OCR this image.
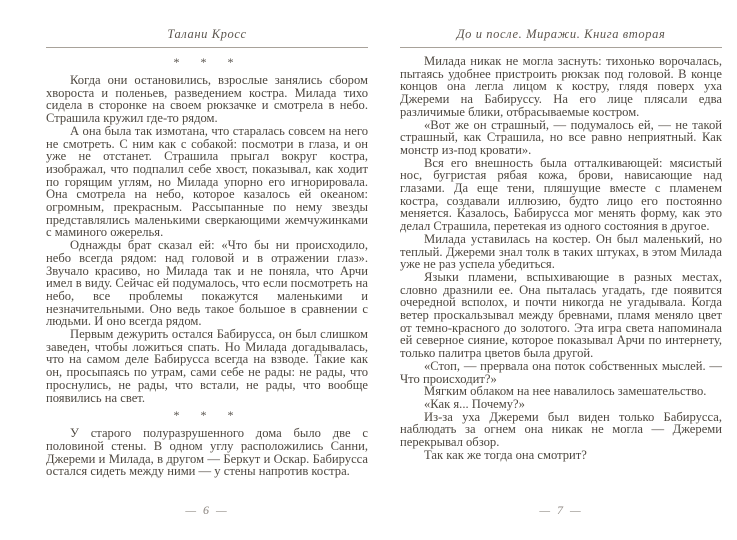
Талани Кросс
* * *
Когда они остановились, взрослые занялись сбором хвороста и поленьев, разведением костра. Милада тихо сидела в сторонке на своем рюкзачке и смотрела в небо. Страшила кружил где-то рядом.
А она была так измотана, что старалась совсем на него не смотреть. С ним как с собакой: посмотри в глаза, и он уже не отстанет. Страшила прыгал вокруг костра, изображал, что подпалил себе хвост, показывал, как ходит по горящим углям, но Милада упорно его игнорировала. Она смотрела на небо, которое казалось ей океаном: огромным, прекрасным. Рассыпанные по нему звезды представлялись маленькими сверкающими жемчужинками с маминого ожерелья.
Однажды брат сказал ей: «Что бы ни происходило, небо всегда рядом: над головой и в отражении глаз». Звучало красиво, но Милада так и не поняла, что Арчи имел в виду. Сейчас ей подумалось, что если посмотреть на небо, все проблемы покажутся маленькими и незначительными. Оно ведь такое большое в сравнении с людьми. И оно всегда рядом.
Первым дежурить остался Бабирусса, он был слишком заведен, чтобы ложиться спать. Но Милада догадывалась, что на самом деле Бабирусса всегда на взводе. Такие как он, просыпаясь по утрам, сами себе не рады: не рады, что проснулись, не рады, что встали, не рады, что вообще появились на свет.
* * *
У старого полуразрушенного дома было две с половиной стены. В одном углу расположились Санни, Джереми и Милада, в другом — Беркут и Оскар. Бабирусса остался сидеть между ними — у стены напротив костра.
— 6 —
До и после. Миражи. Книга вторая
Милада никак не могла заснуть: тихонько ворочалась, пытаясь удобнее пристроить рюкзак под головой. В конце концов она легла лицом к костру, глядя поверх уха Джереми на Бабируссу. На его лице плясали едва различимые блики, отбрасываемые костром.
«Вот же он страшный, — подумалось ей, — не такой страшный, как Страшила, но все равно неприятный. Как монстр из-под кровати».
Вся его внешность была отталкивающей: мясистый нос, бугристая рябая кожа, брови, нависающие над глазами. Да еще тени, пляшущие вместе с пламенем костра, создавали иллюзию, будто лицо его постоянно меняется. Казалось, Бабирусса мог менять форму, как это делал Страшила, перетекая из одного состояния в другое.
Милада уставилась на костер. Он был маленький, но теплый. Джереми знал толк в таких штуках, в этом Милада уже не раз успела убедиться.
Языки пламени, вспыхивающие в разных местах, словно дразнили ее. Она пыталась угадать, где появится очередной всполох, и почти никогда не угадывала. Когда ветер проскальзывал между бревнами, пламя меняло цвет от темно-красного до золотого. Эта игра света напоминала ей северное сияние, которое показывал Арчи по интернету, только палитра цветов была другой.
«Стоп, — прервала она поток собственных мыслей. — Что происходит?»
Мягким облаком на нее навалилось замешательство.
«Как я... Почему?»
Из-за уха Джереми был виден только Бабирусса, наблюдать за огнем она никак не могла — Джереми перекрывал обзор.
Так как же тогда она смотрит?
— 7 —
